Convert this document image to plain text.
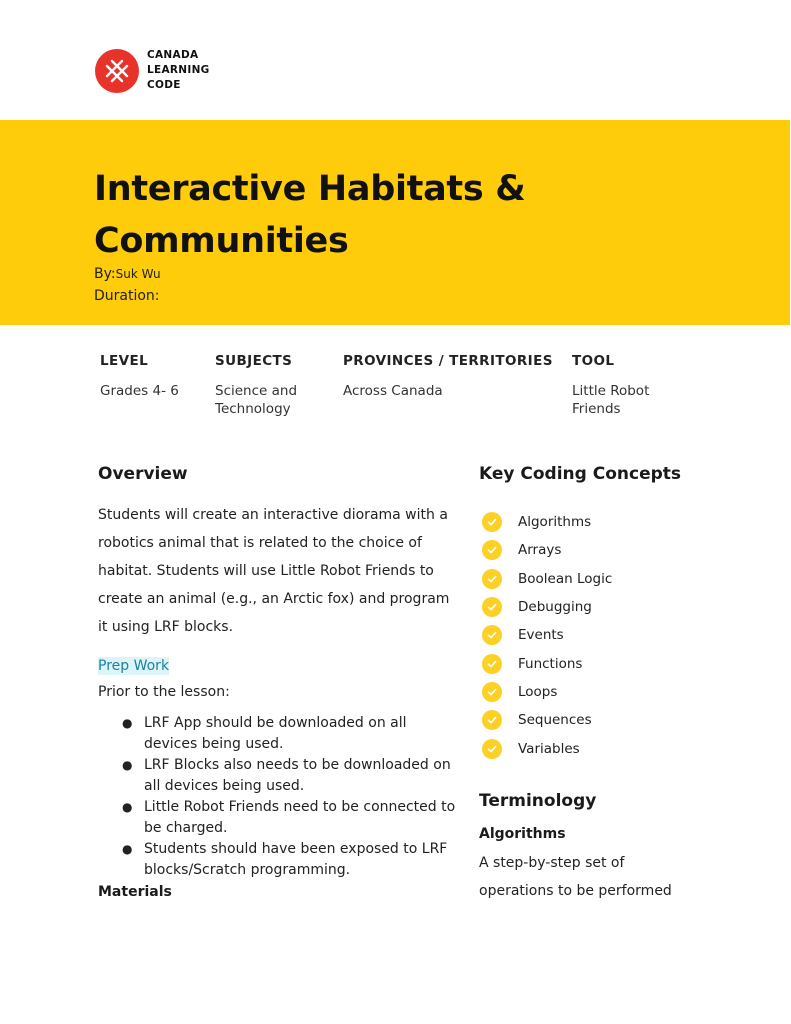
CANADA
LEARNING
CODE
Interactive Habitats &
Communities
By:Suk Wu
Duration:
LEVEL
Grades 4- 6
SUBJECTS
Science and
Technology
PROVINCES / TERRITORIES
Across Canada
TOOL
Little Robot
Friends
Overview
Students will create an interactive diorama with a
robotics animal that is related to the choice of
habitat. Students will use Little Robot Friends to
create an animal (e.g., an Arctic fox) and program
it using LRF blocks.
Prep Work
Prior to the lesson:
● LRF App should be downloaded on all
devices being used.
● LRF Blocks also needs to be downloaded on
all devices being used.
● Little Robot Friends need to be connected to
be charged.
● Students should have been exposed to LRF
blocks/Scratch programming.
Materials
Key Coding Concepts
Algorithms
Arrays
Boolean Logic
Debugging
Events
Functions
Loops
Sequences
Variables
Terminology
Algorithms
A step-by-step set of
operations to be performed
